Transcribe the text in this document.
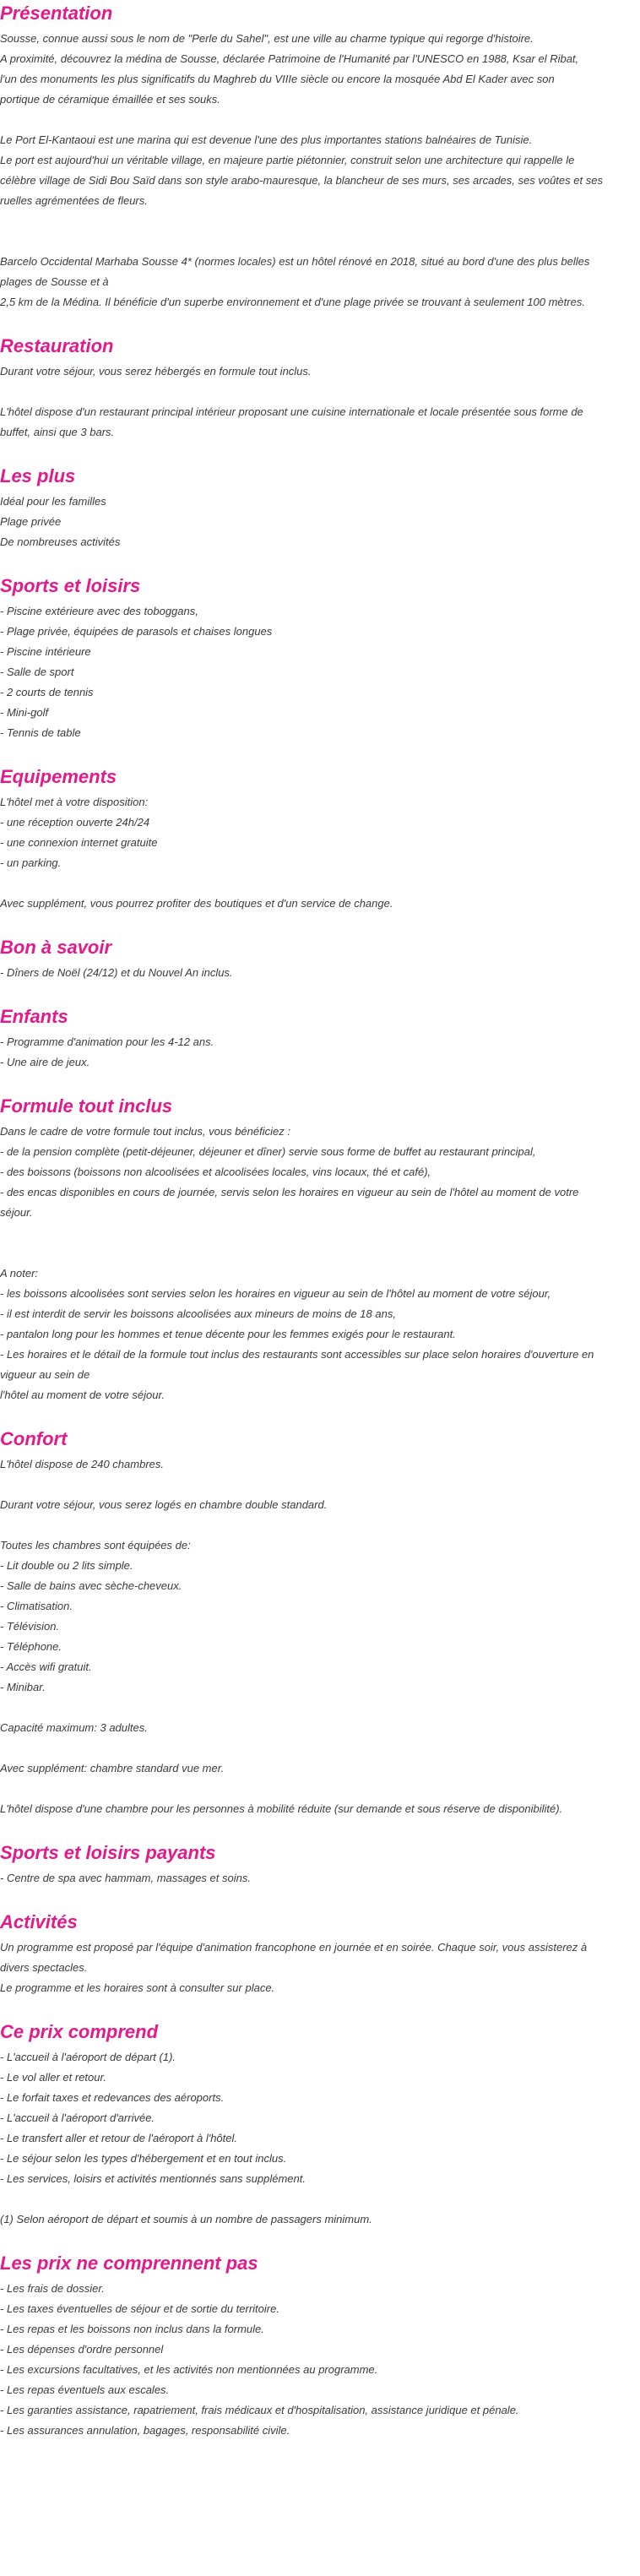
Présentation
Sousse, connue aussi sous le nom de "Perle du Sahel", est une ville au charme typique qui regorge d'histoire.
A proximité, découvrez la médina de Sousse, déclarée Patrimoine de l'Humanité par l'UNESCO en 1988, Ksar el Ribat,
l'un des monuments les plus significatifs du Maghreb du VIIIe siècle ou encore la mosquée Abd El Kader avec son
portique de céramique émaillée et ses souks.
Le Port El-Kantaoui est une marina qui est devenue l'une des plus importantes stations balnéaires de Tunisie.
Le port est aujourd'hui un véritable village, en majeure partie piétonnier, construit selon une architecture qui rappelle le
célèbre village de Sidi Bou Saïd dans son style arabo-mauresque, la blancheur de ses murs, ses arcades, ses voûtes et ses
ruelles agrémentées de fleurs.
Barcelo Occidental Marhaba Sousse 4* (normes locales) est un hôtel rénové en 2018, situé au bord d'une des plus belles
plages de Sousse et à
2,5 km de la Médina. Il bénéficie d'un superbe environnement et d'une plage privée se trouvant à seulement 100 mètres.
Restauration
Durant votre séjour, vous serez hébergés en formule tout inclus.
L'hôtel dispose d'un restaurant principal intérieur proposant une cuisine internationale et locale présentée sous forme de
buffet, ainsi que 3 bars.
Les plus
Idéal pour les familles
Plage privée
De nombreuses activités
Sports et loisirs
- Piscine extérieure avec des toboggans,
- Plage privée, équipées de parasols et chaises longues
- Piscine intérieure
- Salle de sport
- 2 courts de tennis
- Mini-golf
- Tennis de table
Equipements
L'hôtel met à votre disposition:
- une réception ouverte 24h/24
- une connexion internet gratuite
- un parking.
Avec supplément, vous pourrez profiter des boutiques et d'un service de change.
Bon à savoir
- Dîners de Noël (24/12) et du Nouvel An inclus.
Enfants
- Programme d'animation pour les 4-12 ans.
- Une aire de jeux.
Formule tout inclus
Dans le cadre de votre formule tout inclus, vous bénéficiez :
- de la pension complète (petit-déjeuner, déjeuner et dîner) servie sous forme de buffet au restaurant principal,
- des boissons (boissons non alcoolisées et alcoolisées locales, vins locaux, thé et café),
- des encas disponibles en cours de journée, servis selon les horaires en vigueur au sein de l'hôtel au moment de votre
séjour.
A noter:
- les boissons alcoolisées sont servies selon les horaires en vigueur au sein de l'hôtel au moment de votre séjour,
- il est interdit de servir les boissons alcoolisées aux mineurs de moins de 18 ans,
- pantalon long pour les hommes et tenue décente pour les femmes exigés pour le restaurant.
- Les horaires et le détail de la formule tout inclus des restaurants sont accessibles sur place selon horaires d'ouverture en
vigueur au sein de
l'hôtel au moment de votre séjour.
Confort
L'hôtel dispose de 240 chambres.
Durant votre séjour, vous serez logés en chambre double standard.
Toutes les chambres sont équipées de:
- Lit double ou 2 lits simple.
- Salle de bains avec sèche-cheveux.
- Climatisation.
- Télévision.
- Téléphone.
- Accès wifi gratuit.
- Minibar.
Capacité maximum: 3 adultes.
Avec supplément: chambre standard vue mer.
L'hôtel dispose d'une chambre pour les personnes à mobilité réduite (sur demande et sous réserve de disponibilité).
Sports et loisirs payants
- Centre de spa avec hammam, massages et soins.
Activités
Un programme est proposé par l'équipe d'animation francophone en journée et en soirée. Chaque soir, vous assisterez à
divers spectacles.
Le programme et les horaires sont à consulter sur place.
Ce prix comprend
- L'accueil à l'aéroport de départ (1).
- Le vol aller et retour.
- Le forfait taxes et redevances des aéroports.
- L'accueil à l'aéroport d'arrivée.
- Le transfert aller et retour de l'aéroport à l'hôtel.
- Le séjour selon les types d'hébergement et en tout inclus.
- Les services, loisirs et activités mentionnés sans supplément.
(1) Selon aéroport de départ et soumis à un nombre de passagers minimum.
Les prix ne comprennent pas
- Les frais de dossier.
- Les taxes éventuelles de séjour et de sortie du territoire.
- Les repas et les boissons non inclus dans la formule.
- Les dépenses d'ordre personnel
- Les excursions facultatives, et les activités non mentionnées au programme.
- Les repas éventuels aux escales.
- Les garanties assistance, rapatriement, frais médicaux et d'hospitalisation, assistance juridique et pénale.
- Les assurances annulation, bagages, responsabilité civile.
